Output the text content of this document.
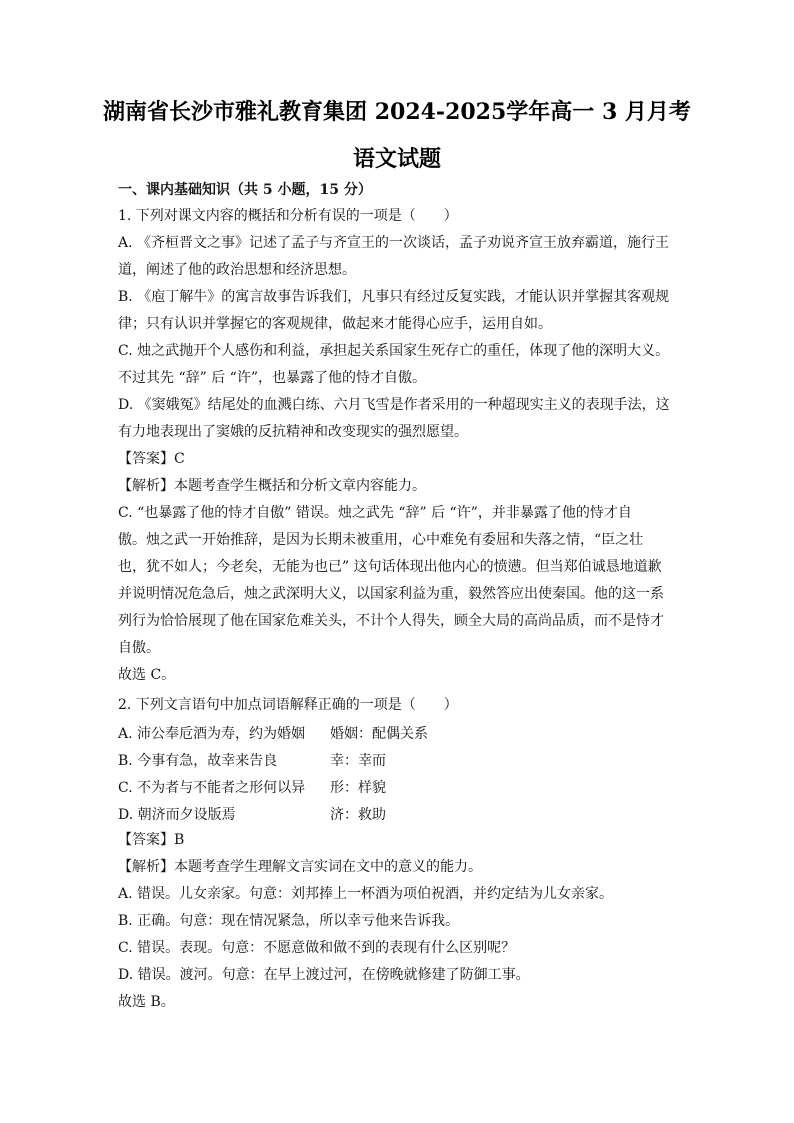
湖南省长沙市雅礼教育集团 2024-2025学年高一 3 月月考
语文试题
一、课内基础知识（共 5 小题，15 分）
1. 下列对课文内容的概括和分析有误的一项是（　　）
A. 《齐桓晋文之事》记述了孟子与齐宣王的一次谈话，孟子劝说齐宣王放弃霸道，施行王
道，阐述了他的政治思想和经济思想。
B. 《庖丁解牛》的寓言故事告诉我们，凡事只有经过反复实践，才能认识并掌握其客观规
律；只有认识并掌握它的客观规律，做起来才能得心应手，运用自如。
C. 烛之武抛开个人感伤和利益，承担起关系国家生死存亡的重任，体现了他的深明大义。
不过其先 “辞” 后 “许”，也暴露了他的恃才自傲。
D. 《窦娥冤》结尾处的血溅白练、六月飞雪是作者采用的一种超现实主义的表现手法，这
有力地表现出了窦娥的反抗精神和改变现实的强烈愿望。
【答案】C
【解析】本题考查学生概括和分析文章内容能力。
C. “也暴露了他的恃才自傲” 错误。烛之武先 “辞” 后 “许”，并非暴露了他的恃才自
傲。烛之武一开始推辞，是因为长期未被重用，心中难免有委屈和失落之情，“臣之壮
也，犹不如人；今老矣，无能为也已” 这句话体现出他内心的愤懑。但当郑伯诚恳地道歉
并说明情况危急后，烛之武深明大义，以国家利益为重，毅然答应出使秦国。他的这一系
列行为恰恰展现了他在国家危难关头，不计个人得失，顾全大局的高尚品质，而不是恃才
自傲。
故选 C。
2. 下列文言语句中加点词语解释正确的一项是（　　）
A. 沛公奉卮酒为寿，约为婚姻 婚姻：配偶关系
B. 今事有急，故幸来告良	幸：幸而
C. 不为者与不能者之形何以异 形：样貌
D. 朝济而夕设版焉	济：救助
【答案】B
【解析】本题考查学生理解文言实词在文中的意义的能力。
A. 错误。儿女亲家。句意：刘邦捧上一杯酒为项伯祝酒，并约定结为儿女亲家。
B. 正确。句意：现在情况紧急，所以幸亏他来告诉我。
C. 错误。表现。句意：不愿意做和做不到的表现有什么区别呢？
D. 错误。渡河。句意：在早上渡过河，在傍晚就修建了防御工事。
故选 B。
